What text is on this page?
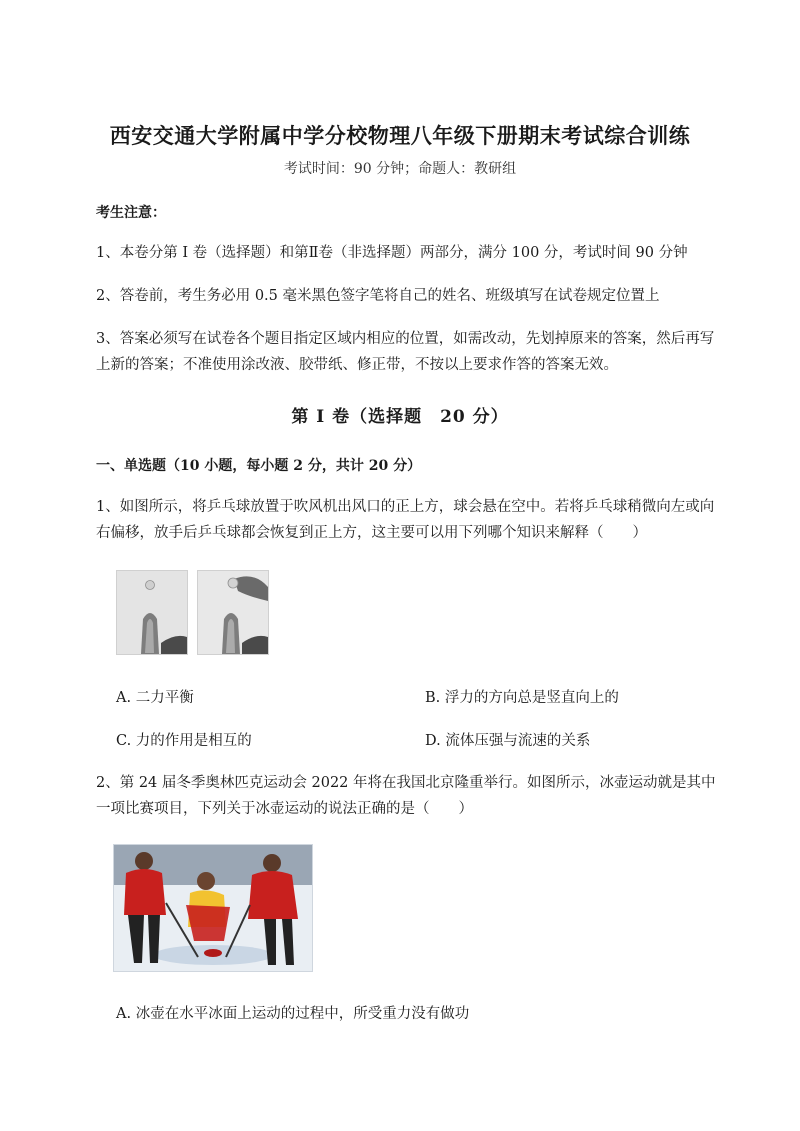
西安交通大学附属中学分校物理八年级下册期末考试综合训练
考试时间：90 分钟；命题人：教研组
考生注意：
1、本卷分第 I 卷（选择题）和第Ⅱ卷（非选择题）两部分，满分 100 分，考试时间 90 分钟
2、答卷前，考生务必用 0.5 毫米黑色签字笔将自己的姓名、班级填写在试卷规定位置上
3、答案必须写在试卷各个题目指定区域内相应的位置，如需改动，先划掉原来的答案，然后再写上新的答案；不准使用涂改液、胶带纸、修正带，不按以上要求作答的答案无效。
第 I 卷（选择题　20 分）
一、单选题（10 小题，每小题 2 分，共计 20 分）
1、如图所示，将乒乓球放置于吹风机出风口的正上方，球会悬在空中。若将乒乓球稍微向左或向右偏移，放手后乒乓球都会恢复到正上方，这主要可以用下列哪个知识来解释（　　）
A. 二力平衡	B. 浮力的方向总是竖直向上的
C. 力的作用是相互的	D. 流体压强与流速的关系
2、第 24 届冬季奥林匹克运动会 2022 年将在我国北京隆重举行。如图所示，冰壶运动就是其中一项比赛项目，下列关于冰壶运动的说法正确的是（　　）
A. 冰壶在水平冰面上运动的过程中，所受重力没有做功
